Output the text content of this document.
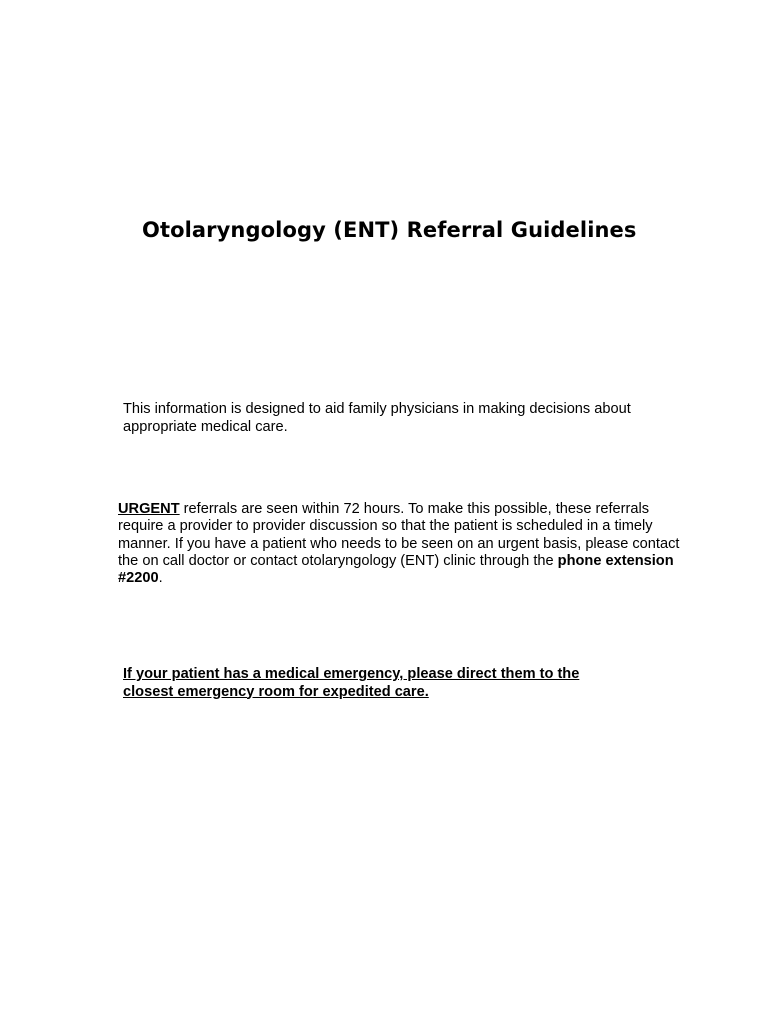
Otolaryngology (ENT) Referral Guidelines

This information is designed to aid family physicians in making decisions about
appropriate medical care.

URGENT referrals are seen within 72 hours. To make this possible, these referrals require a provider to provider discussion so that the patient is scheduled in a timely manner. If you have a patient who needs to be seen on an urgent basis, please contact the on call doctor or contact otolaryngology (ENT) clinic through the phone extension #2200.

If your patient has a medical emergency, please direct them to the
closest emergency room for expedited care.
